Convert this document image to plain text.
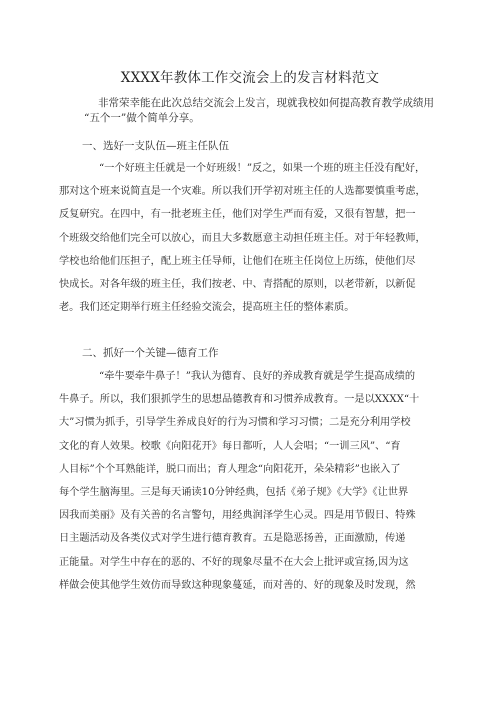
XXXX年教体工作交流会上的发言材料范文
非常荣幸能在此次总结交流会上发言，现就我校如何提高教育教学成绩用
“五个一”做个简单分享。
一、选好一支队伍—班主任队伍
“一个好班主任就是一个好班级！”反之，如果一个班的班主任没有配好，
那对这个班来说简直是一个灾难。所以我们开学初对班主任的人选都要慎重考虑，
反复研究。在四中，有一批老班主任，他们对学生严而有爱，又很有智慧，把一
个班级交给他们完全可以放心，而且大多数愿意主动担任班主任。对于年轻教师，
学校也给他们压担子，配上班主任导师，让他们在班主任岗位上历练，使他们尽
快成长。对各年级的班主任，我们按老、中、青搭配的原则，以老带新，以新促
老。我们还定期举行班主任经验交流会，提高班主任的整体素质。
二、抓好一个关键—德育工作
“牵牛要牵牛鼻子！”我认为德育、良好的养成教育就是学生提高成绩的
牛鼻子。所以，我们狠抓学生的思想品德教育和习惯养成教育。一是以XXXX“十
大”习惯为抓手，引导学生养成良好的行为习惯和学习习惯；二是充分利用学校
文化的育人效果。校歌《向阳花开》每日都听，人人会唱；“一训三风”、“育
人目标”个个耳熟能详，脱口而出；育人理念“向阳花开，朵朵精彩”也嵌入了
每个学生脑海里。三是每天诵读10分钟经典，包括《弟子规》《大学》《让世界
因我而美丽》及有关善的名言警句，用经典润泽学生心灵。四是用节假日、特殊
日主题活动及各类仪式对学生进行德育教育。五是隐恶扬善，正面激励，传递
正能量。对学生中存在的恶的、不好的现象尽量不在大会上批评或宣扬,因为这
样做会使其他学生效仿而导致这种现象蔓延，而对善的、好的现象及时发现，然
